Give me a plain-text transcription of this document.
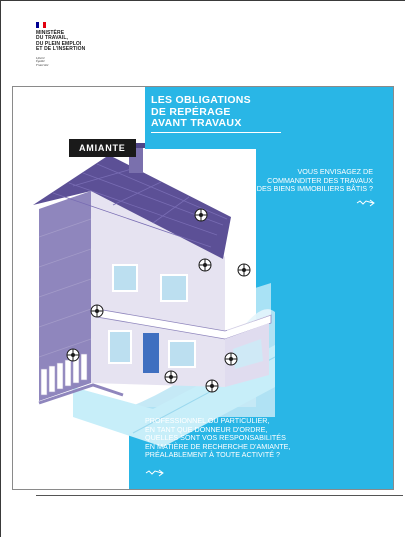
MINISTÈRE
DU TRAVAIL,
DU PLEIN EMPLOI
ET DE L'INSERTION
Liberté
Égalité
Fraternité
LES OBLIGATIONS
DE REPÉRAGE
AVANT TRAVAUX
AMIANTE
VOUS ENVISAGEZ DE
COMMANDITER DES TRAVAUX
SUR DES BIENS IMMOBILIERS BÂTIS ?
PROFESSIONNEL OU PARTICULIER,
EN TANT QUE DONNEUR D'ORDRE,
QUELLES SONT VOS RESPONSABILITÉS
EN MATIÈRE DE RECHERCHE D'AMIANTE,
PRÉALABLEMENT À TOUTE ACTIVITÉ ?
